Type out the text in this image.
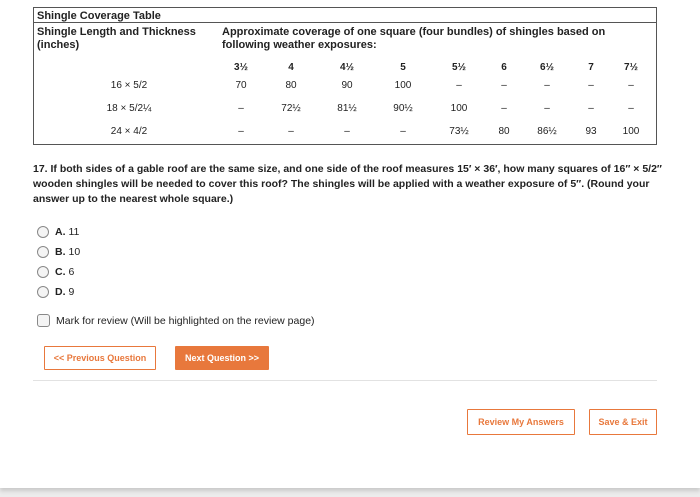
Shingle Coverage Table
Shingle Length and Thickness (inches)
Approximate coverage of one square (four bundles) of shingles based on following weather exposures:
3½	4	4½	5	5½	6	6½	7	7½
16 × 5/2	70	80	90	100	–	–	–	–	–
18 × 5/2¼	–	72½	81½	90½	100	–	–	–	–
24 × 4/2	–	–	–	–	73½	80	86½	93	100
17. If both sides of a gable roof are the same size, and one side of the roof measures 15′ × 36′, how many squares of 16″ × 5/2″ wooden shingles will be needed to cover this roof? The shingles will be applied with a weather exposure of 5″. (Round your answer up to the nearest whole square.)
A. 11
B. 10
C. 6
D. 9
Mark for review (Will be highlighted on the review page)
<< Previous Question	Next Question >>
Review My Answers	Save & Exit
